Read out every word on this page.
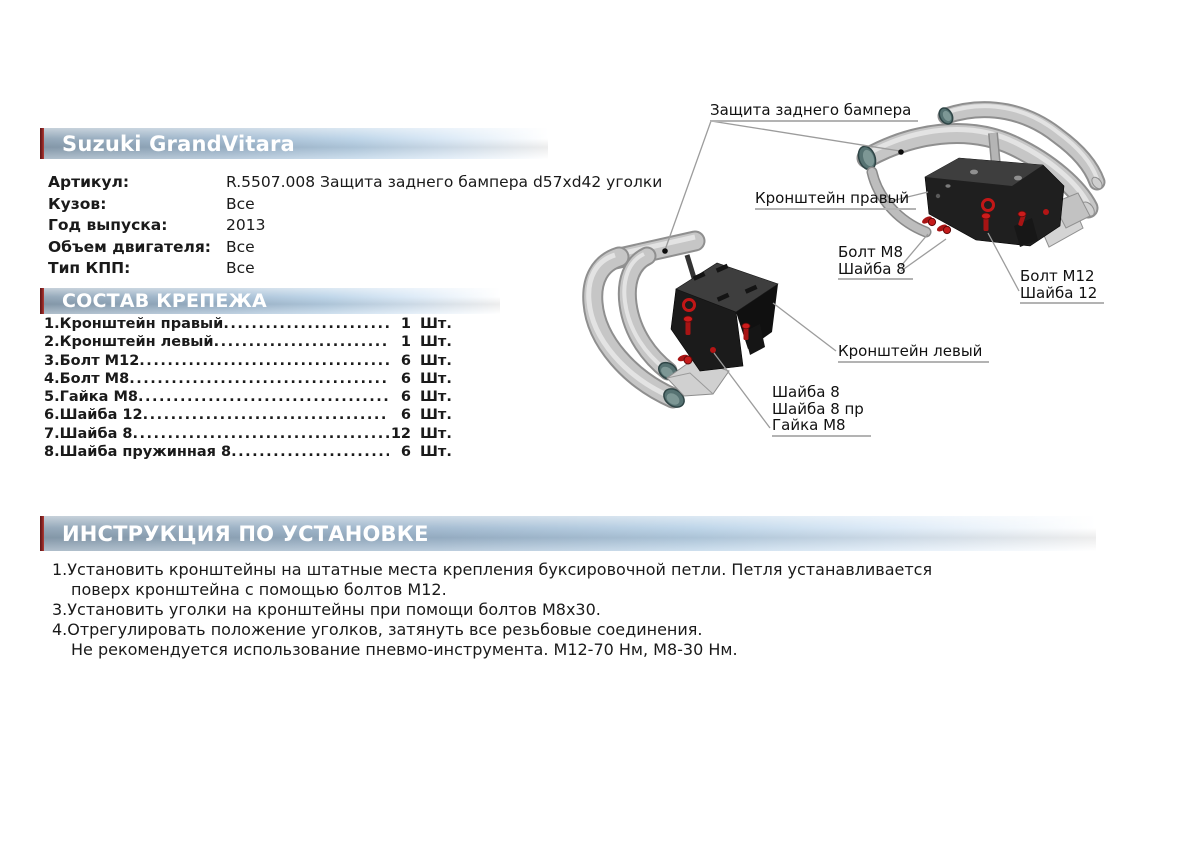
Suzuki GrandVitara
Артикул:	R.5507.008 Защита заднего бампера d57xd42 уголки
Кузов:	Все
Год выпуска:	2013
Объем двигателя: Все
Тип КПП:	Все
СОСТАВ КРЕПЕЖА
1.Кронштейн правый .....	1 Шт.
2.Кронштейн левый .....	1 Шт.
3.Болт М12 .....	6 Шт.
4.Болт М8 .....	6 Шт.
5.Гайка М8 .....	6 Шт.
6.Шайба 12 .....	6 Шт.
7.Шайба 8 .....	12 Шт.
8.Шайба пружинная 8 .....	6 Шт.
Защита заднего бампера
Кронштейн правый
Болт М8
Шайба 8	Болт М12
Шайба 12
Кронштейн левый
Шайба 8
Шайба 8 пр
Гайка М8
ИНСТРУКЦИЯ ПО УСТАНОВКЕ
1.Установить кронштейны на штатные места крепления буксировочной петли. Петля устанавливается
поверх кронштейна с помощью болтов М12.
3.Установить уголки на кронштейны при помощи болтов М8х30.
4.Отрегулировать положение уголков, затянуть все резьбовые соединения.
Не рекомендуется использование пневмо-инструмента. М12-70 Нм, М8-30 Нм.
